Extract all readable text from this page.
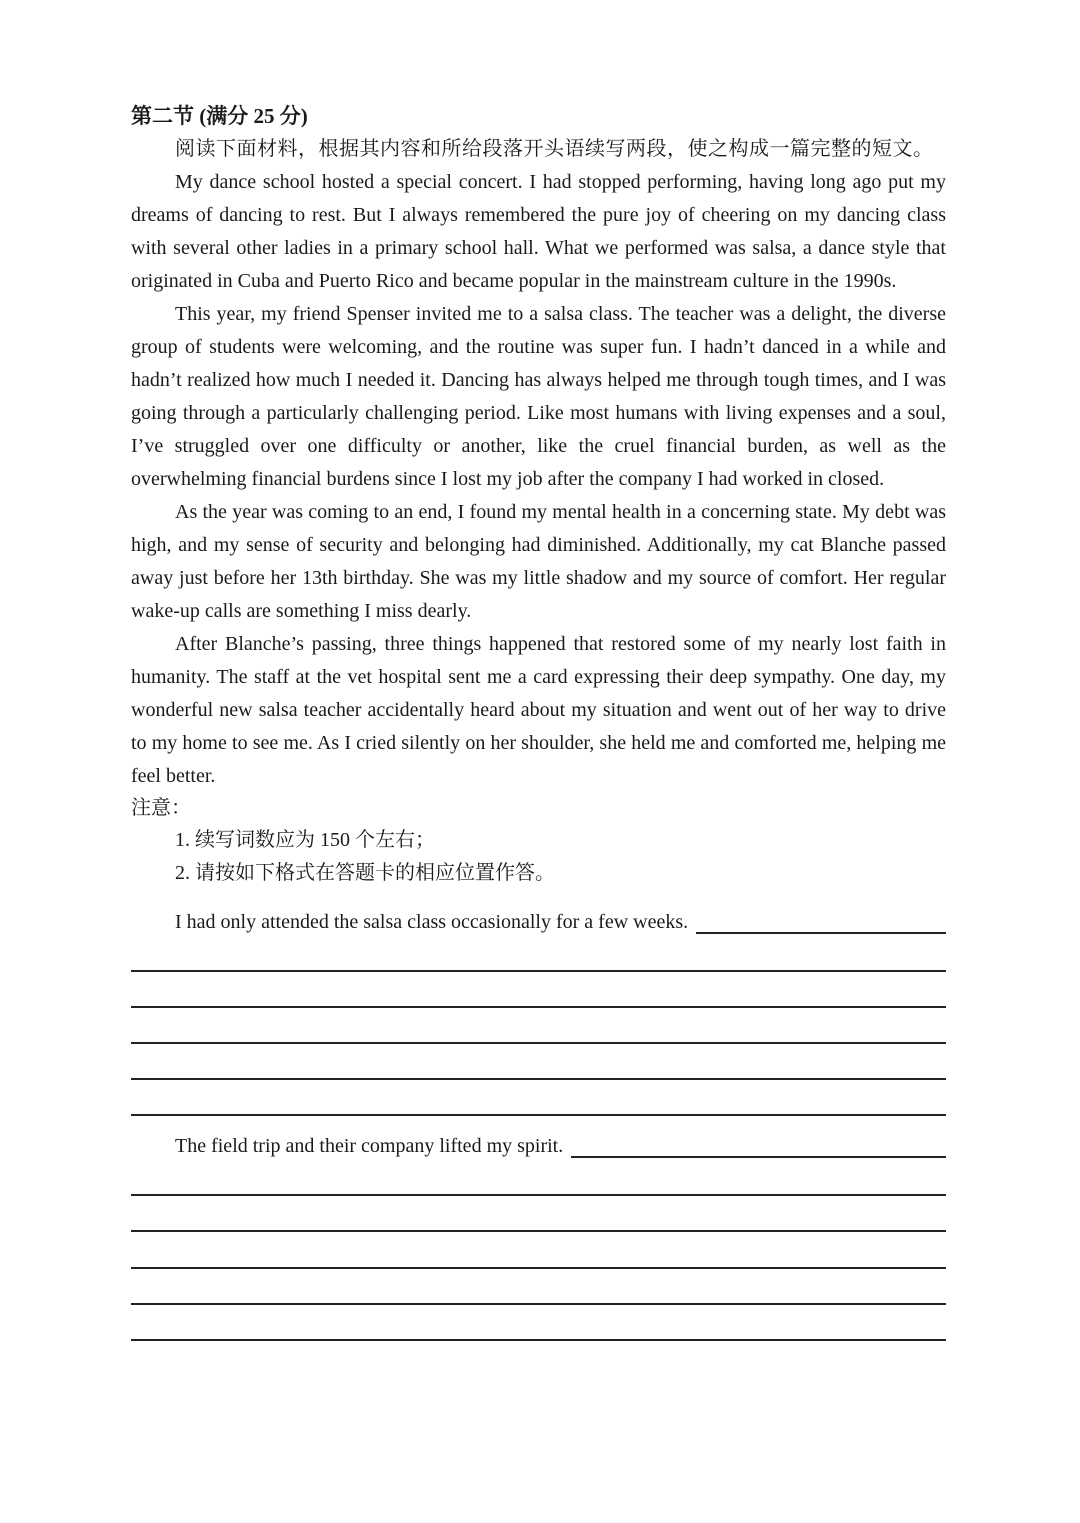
第二节 (满分 25 分)

阅读下面材料，根据其内容和所给段落开头语续写两段，使之构成一篇完整的短文。

My dance school hosted a special concert. I had stopped performing, having long ago put my dreams of dancing to rest. But I always remembered the pure joy of cheering on my dancing class with several other ladies in a primary school hall. What we performed was salsa, a dance style that originated in Cuba and Puerto Rico and became popular in the mainstream culture in the 1990s.

This year, my friend Spenser invited me to a salsa class. The teacher was a delight, the diverse group of students were welcoming, and the routine was super fun. I hadn’t danced in a while and hadn’t realized how much I needed it. Dancing has always helped me through tough times, and I was going through a particularly challenging period. Like most humans with living expenses and a soul, I’ve struggled over one difficulty or another, like the cruel financial burden, as well as the overwhelming financial burdens since I lost my job after the company I had worked in closed.

As the year was coming to an end, I found my mental health in a concerning state. My debt was high, and my sense of security and belonging had diminished. Additionally, my cat Blanche passed away just before her 13th birthday. She was my little shadow and my source of comfort. Her regular wake-up calls are something I miss dearly.

After Blanche’s passing, three things happened that restored some of my nearly lost faith in humanity. The staff at the vet hospital sent me a card expressing their deep sympathy. One day, my wonderful new salsa teacher accidentally heard about my situation and went out of her way to drive to my home to see me. As I cried silently on her shoulder, she held me and comforted me, helping me feel better.

注意：

1. 续写词数应为 150 个左右；

2. 请按如下格式在答题卡的相应位置作答。

I had only attended the salsa class occasionally for a few weeks.
The field trip and their company lifted my spirit.
